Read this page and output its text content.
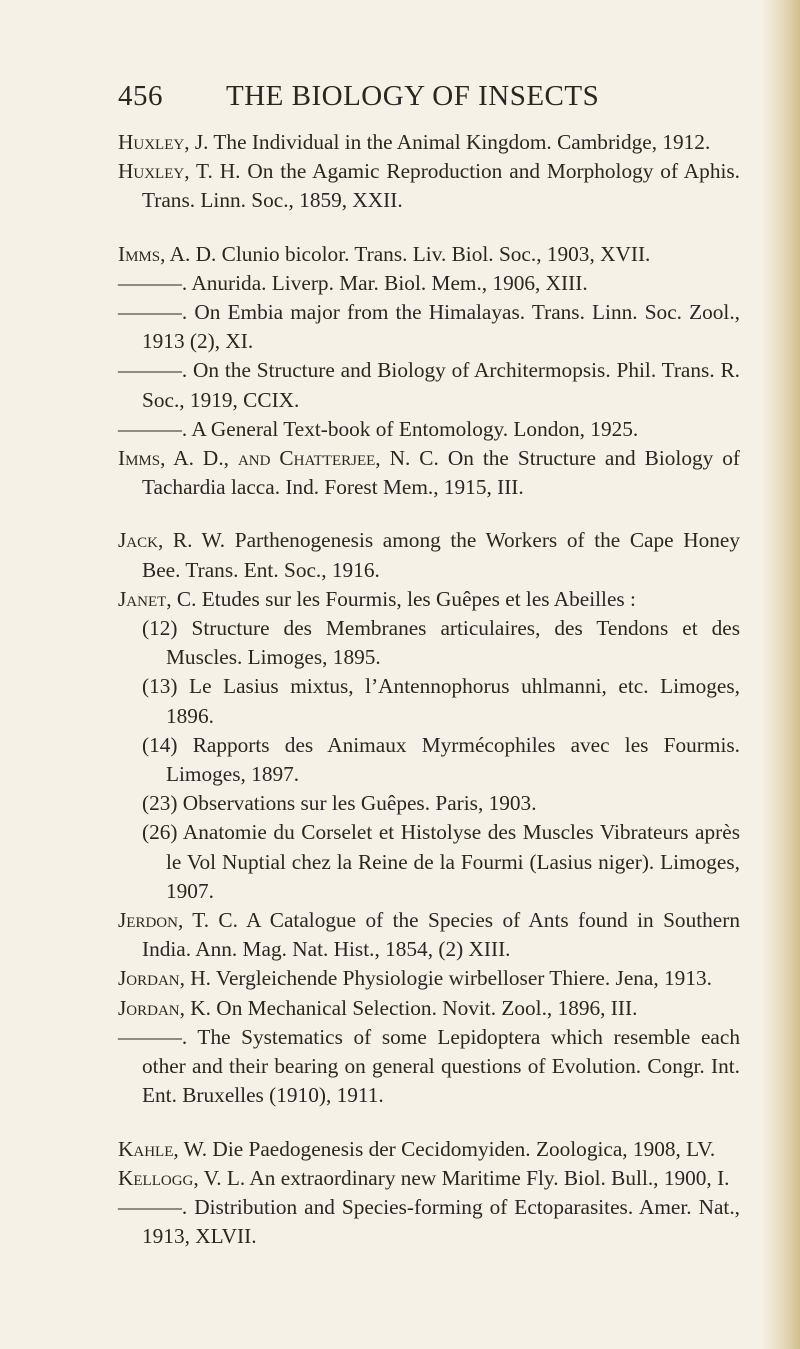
456 THE BIOLOGY OF INSECTS
Huxley, J. The Individual in the Animal Kingdom. Cambridge, 1912.
Huxley, T. H. On the Agamic Reproduction and Morphology of Aphis. Trans. Linn. Soc., 1859, XXII.
Imms, A. D. Clunio bicolor. Trans. Liv. Biol. Soc., 1903, XVII.
———. Anurida. Liverp. Mar. Biol. Mem., 1906, XIII.
———. On Embia major from the Himalayas. Trans. Linn. Soc. Zool., 1913 (2), XI.
———. On the Structure and Biology of Architermopsis. Phil. Trans. R. Soc., 1919, CCIX.
———. A General Text-book of Entomology. London, 1925.
Imms, A. D., and Chatterjee, N. C. On the Structure and Biology of Tachardia lacca. Ind. Forest Mem., 1915, III.
Jack, R. W. Parthenogenesis among the Workers of the Cape Honey Bee. Trans. Ent. Soc., 1916.
Janet, C. Etudes sur les Fourmis, les Guêpes et les Abeilles :
(12) Structure des Membranes articulaires, des Tendons et des Muscles. Limoges, 1895.
(13) Le Lasius mixtus, l’Antennophorus uhlmanni, etc. Limoges, 1896.
(14) Rapports des Animaux Myrmécophiles avec les Fourmis. Limoges, 1897.
(23) Observations sur les Guêpes. Paris, 1903.
(26) Anatomie du Corselet et Histolyse des Muscles Vibrateurs après le Vol Nuptial chez la Reine de la Fourmi (Lasius niger). Limoges, 1907.
Jerdon, T. C. A Catalogue of the Species of Ants found in Southern India. Ann. Mag. Nat. Hist., 1854, (2) XIII.
Jordan, H. Vergleichende Physiologie wirbelloser Thiere. Jena, 1913.
Jordan, K. On Mechanical Selection. Novit. Zool., 1896, III.
———. The Systematics of some Lepidoptera which resemble each other and their bearing on general questions of Evolution. Congr. Int. Ent. Bruxelles (1910), 1911.
Kahle, W. Die Paedogenesis der Cecidomyiden. Zoologica, 1908, LV.
Kellogg, V. L. An extraordinary new Maritime Fly. Biol. Bull., 1900, I.
———. Distribution and Species-forming of Ectoparasites. Amer. Nat., 1913, XLVII.
